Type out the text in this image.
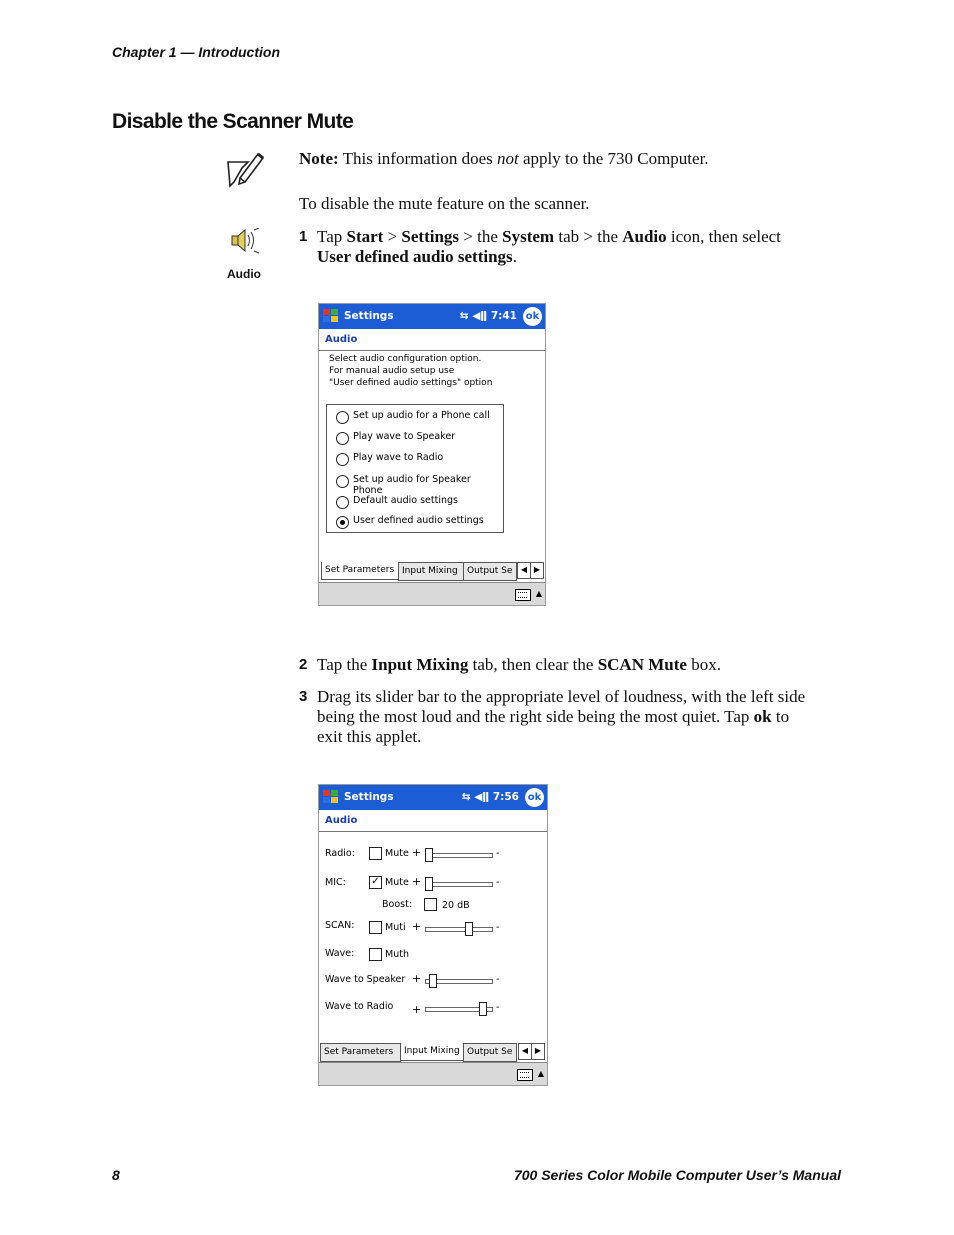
Chapter 1 — Introduction
Disable the Scanner Mute
Note: This information does not apply to the 730 Computer.
To disable the mute feature on the scanner.
Audio
1 Tap Start > Settings > the System tab > the Audio icon, then select
User defined audio settings.
Settings	⇆ ◀ǁ 7:41 ok
Audio
Select audio configuration option.
For manual audio setup use
"User defined audio settings" option
Set up audio for a Phone call
Play wave to Speaker
Play wave to Radio
Set up audio for Speaker Phone
Default audio settings
User defined audio settings
Set Parameters Input Mixing	Output Se	◀ ▶
▲
2 Tap the Input Mixing tab, then clear the SCAN Mute box.
3 Drag its slider bar to the appropriate level of loudness, with the left side
being the most loud and the right side being the most quiet. Tap ok to
exit this applet.
Settings	⇆ ◀ǁ 7:56 ok
Audio
Radio:	Mute +	-
MIC:	✓ Mute +	-
Boost:	20 dB
SCAN:	Muti +	-
Wave:	Muth
Wave to Speaker +	-
Wave to Radio +	-
Set Parameters	Input Mixing Output Se	◀ ▶
▲
8	700 Series Color Mobile Computer User’s Manual
